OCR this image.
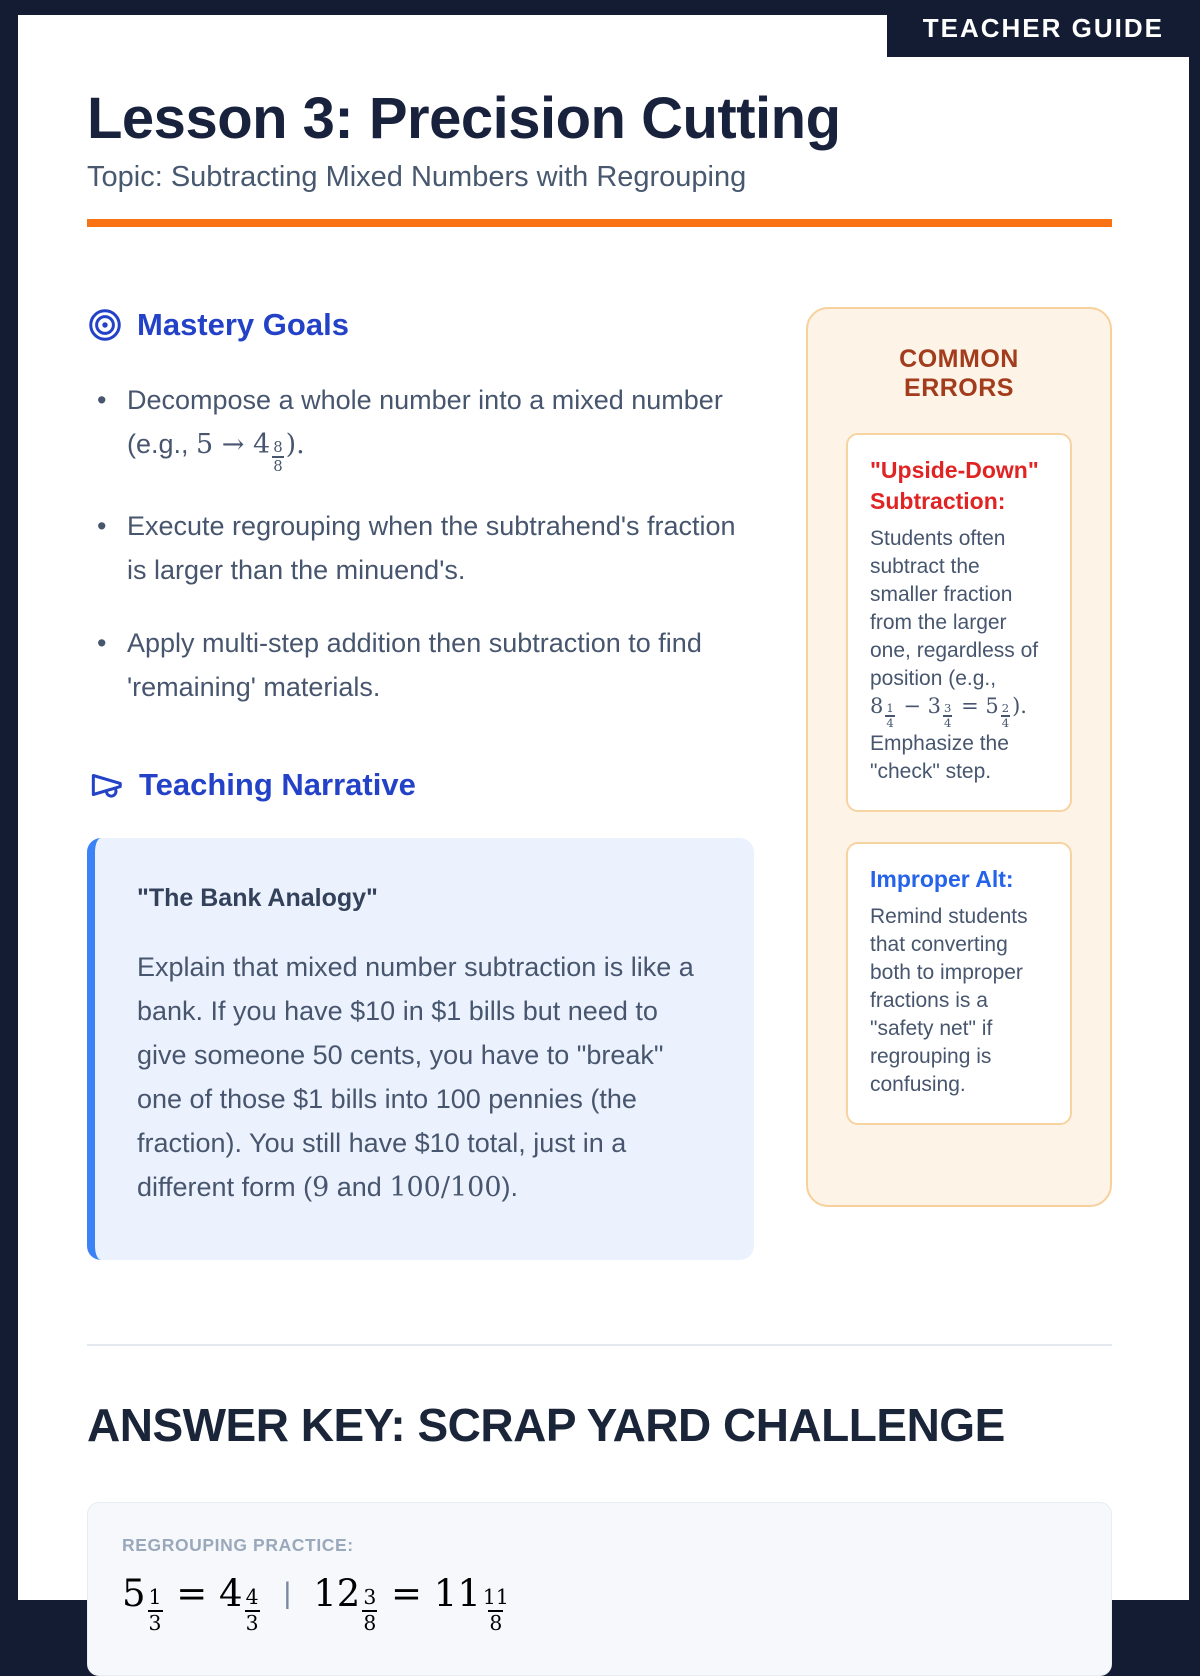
Lesson 3: Precision Cutting
Topic: Subtracting Mixed Numbers with Regrouping
Mastery Goals
• Decompose a whole number into a mixed number (e.g., $5 \to 4 \frac{8}{8}$ ).
• Execute regrouping when the subtrahend's fraction is larger than the minuend's.
• Apply multi-step addition then subtraction to find 'remaining' materials.
Teaching Narrative
"The Bank Analogy"
Explain that mixed number subtraction is like a bank. If you have $10 in $1 bills but need to give someone 50 cents, you have to "break" one of those $1 bills into 100 pennies (the fraction). You still have $10 total, just in a different form (9 and 100/100).
COMMON ERRORS
"Upside-Down" Subtraction:
Students often subtract the smaller fraction from the larger one, regardless of position (e.g., $8 \frac{1}{4} - 3 \frac{3}{4} = 5 \frac{2}{4}$ ). Emphasize the "check" step.
Improper Alt:
Remind students that converting both to improper fractions is a "safety net" if regrouping is confusing.
ANSWER KEY: SCRAP YARD CHALLENGE
REGROUPING PRACTICE:
$5 \frac{1}{3} = 4 \frac{4}{3}$ | $12 \frac{3}{8} = 11 \frac{11}{8}$
TEACHER GUIDE
